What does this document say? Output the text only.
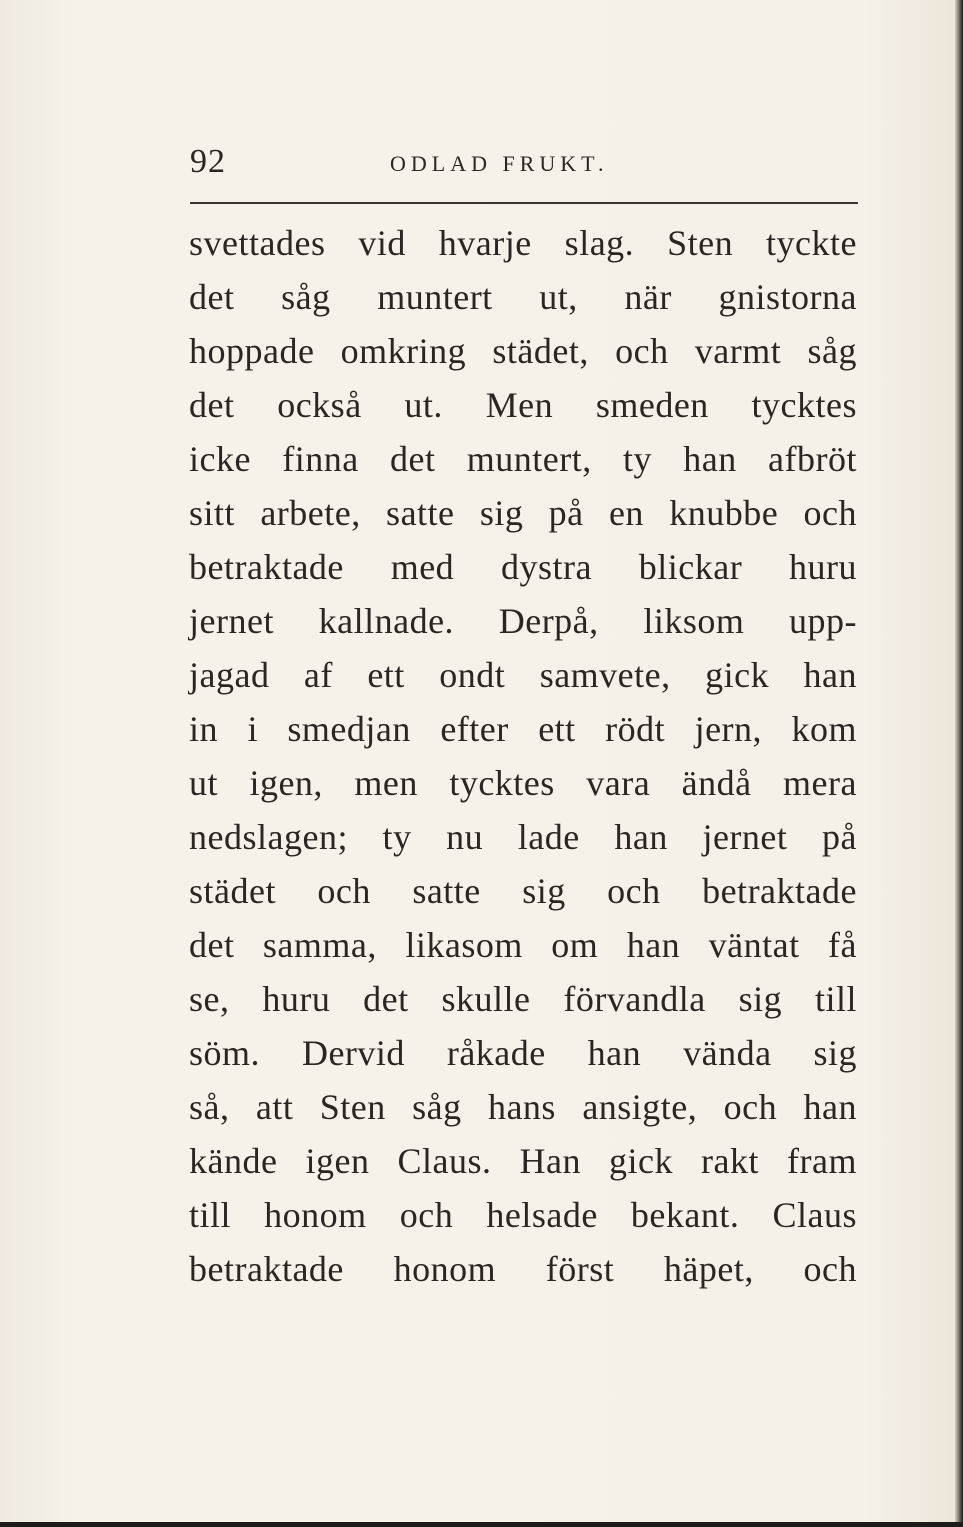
92	ODLAD FRUKT.
svettades vid hvarje slag. Sten tyckte
det såg muntert ut, när gnistorna
hoppade omkring städet, och varmt såg
det också ut. Men smeden tycktes
icke finna det muntert, ty han afbröt
sitt arbete, satte sig på en knubbe och
betraktade med dystra blickar huru
jernet kallnade. Derpå, liksom upp-
jagad af ett ondt samvete, gick han
in i smedjan efter ett rödt jern, kom
ut igen, men tycktes vara ändå mera
nedslagen; ty nu lade han jernet på
städet och satte sig och betraktade
det samma, likasom om han väntat få
se, huru det skulle förvandla sig till
söm. Dervid råkade han vända sig
så, att Sten såg hans ansigte, och han
kände igen Claus. Han gick rakt fram
till honom och helsade bekant. Claus
betraktade honom först häpet, och
